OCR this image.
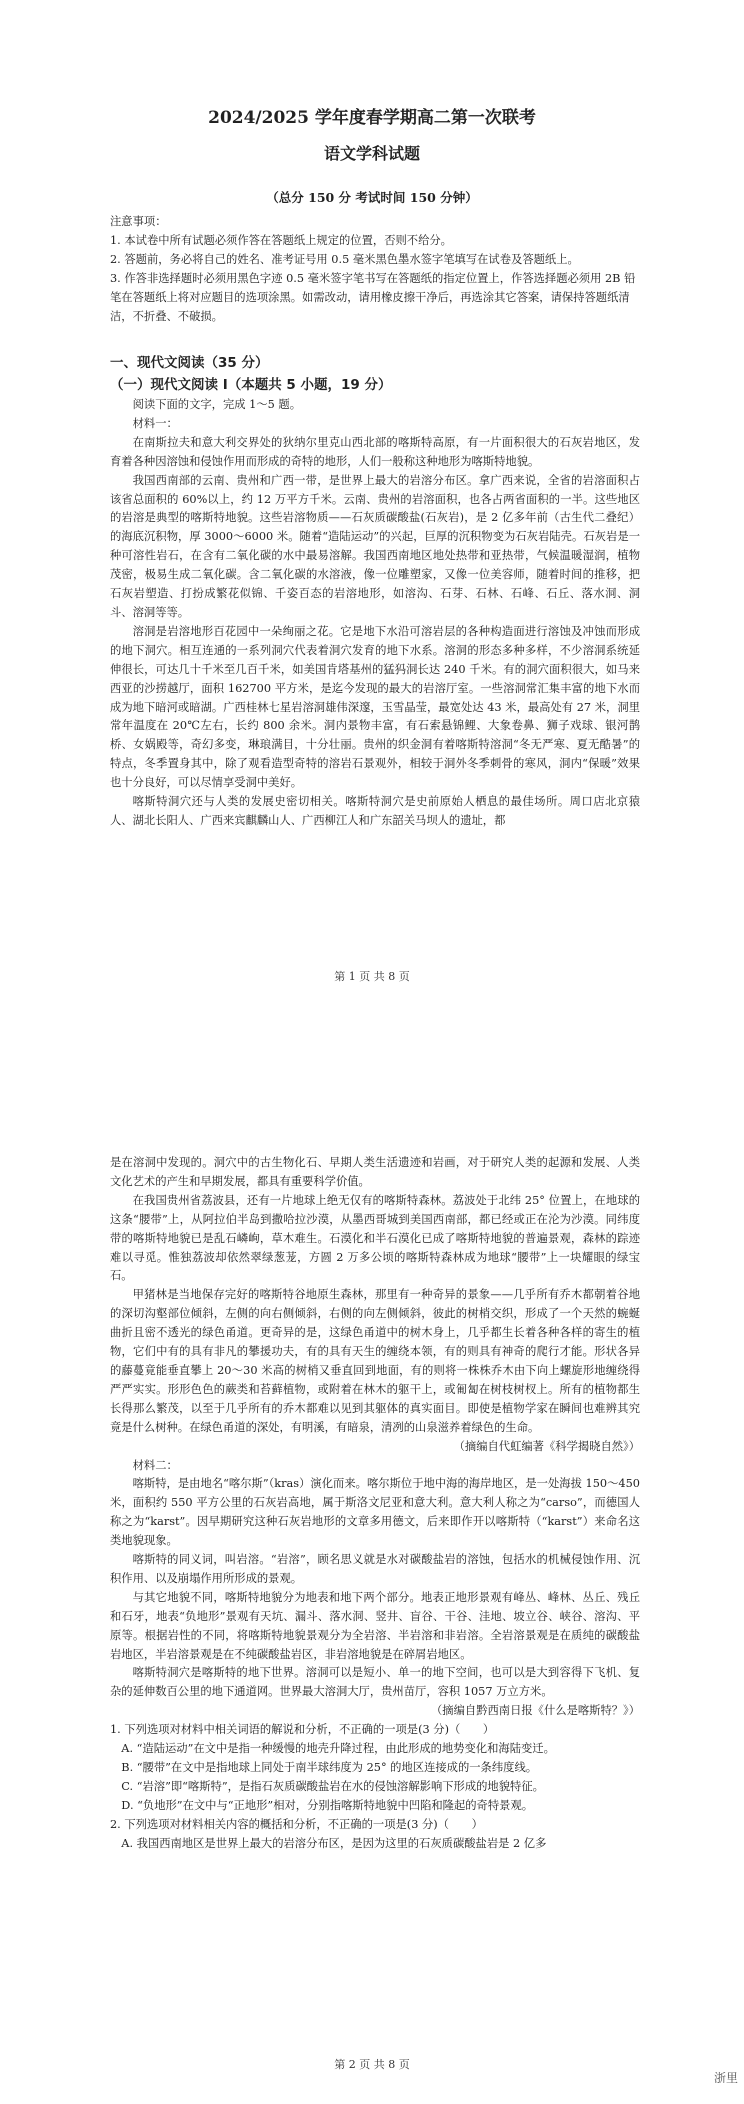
2024/2025 学年度春学期高二第一次联考
语文学科试题
（总分 150 分 考试时间 150 分钟）

注意事项：

1. 本试卷中所有试题必须作答在答题纸上规定的位置，否则不给分。

2. 答题前，务必将自己的姓名、准考证号用 0.5 毫米黑色墨水签字笔填写在试卷及答题纸上。

3. 作答非选择题时必须用黑色字迹 0.5 毫米签字笔书写在答题纸的指定位置上，作答选择题必须用 2B 铅笔在答题纸上将对应题目的选项涂黑。如需改动，请用橡皮擦干净后，再选涂其它答案，请保持答题纸清洁，不折叠、不破损。

一、现代文阅读（35 分）

（一）现代文阅读 I（本题共 5 小题，19 分）

阅读下面的文字，完成 1～5 题。

材料一：

在南斯拉夫和意大利交界处的狄纳尔里克山西北部的喀斯特高原，有一片面积很大的石灰岩地区，发育着各种因溶蚀和侵蚀作用而形成的奇特的地形，人们一般称这种地形为喀斯特地貌。

我国西南部的云南、贵州和广西一带，是世界上最大的岩溶分布区。拿广西来说，全省的岩溶面积占该省总面积的 60%以上，约 12 万平方千米。云南、贵州的岩溶面积，也各占两省面积的一半。这些地区的岩溶是典型的喀斯特地貌。这些岩溶物质——石灰质碳酸盐(石灰岩)，是 2 亿多年前（古生代二叠纪）的海底沉积物，厚 3000～6000 米。随着“造陆运动”的兴起，巨厚的沉积物变为石灰岩陆壳。石灰岩是一种可溶性岩石，在含有二氧化碳的水中最易溶解。我国西南地区地处热带和亚热带，气候温暖湿润，植物茂密，极易生成二氧化碳。含二氧化碳的水溶液，像一位雕塑家，又像一位美容师，随着时间的推移，把石灰岩塑造、打扮成繁花似锦、千姿百态的岩溶地形，如溶沟、石芽、石林、石峰、石丘、落水洞、洞斗、溶洞等等。

溶洞是岩溶地形百花园中一朵绚丽之花。它是地下水沿可溶岩层的各种构造面进行溶蚀及冲蚀而形成的地下洞穴。相互连通的一系列洞穴代表着洞穴发育的地下水系。溶洞的形态多种多样，不少溶洞系统延伸很长，可达几十千米至几百千米，如美国肯塔基州的猛犸洞长达 240 千米。有的洞穴面积很大，如马来西亚的沙捞越厅，面积 162700 平方米，是迄今发现的最大的岩溶厅室。一些溶洞常汇集丰富的地下水而成为地下暗河或暗湖。广西桂林七星岩溶洞雄伟深邃，玉雪晶莹，最宽处达 43 米，最高处有 27 米，洞里常年温度在 20℃左右，长约 800 余米。洞内景物丰富，有石索悬锦鲤、大象卷鼻、狮子戏球、银河鹊桥、女娲殿等，奇幻多变，琳琅满目，十分壮丽。贵州的织金洞有着喀斯特溶洞“冬无严寒、夏无酷暑”的特点，冬季置身其中，除了观看造型奇特的溶岩石景观外，相较于洞外冬季刺骨的寒风，洞内“保暖”效果也十分良好，可以尽情享受洞中美好。

喀斯特洞穴还与人类的发展史密切相关。喀斯特洞穴是史前原始人栖息的最佳场所。周口店北京猿人、湖北长阳人、广西来宾麒麟山人、广西柳江人和广东韶关马坝人的遗址，都

第 1 页 共 8 页

是在溶洞中发现的。洞穴中的古生物化石、早期人类生活遗迹和岩画，对于研究人类的起源和发展、人类文化艺术的产生和早期发展，都具有重要科学价值。

在我国贵州省荔波县，还有一片地球上绝无仅有的喀斯特森林。荔波处于北纬 25° 位置上，在地球的这条“腰带”上，从阿拉伯半岛到撒哈拉沙漠，从墨西哥城到美国西南部，都已经或正在沦为沙漠。同纬度带的喀斯特地貌已是乱石嶙峋，草木难生。石漠化和半石漠化已成了喀斯特地貌的普遍景观，森林的踪迹难以寻觅。惟独荔波却依然翠绿葱茏，方圆 2 万多公顷的喀斯特森林成为地球“腰带”上一块耀眼的绿宝石。

甲猪林是当地保存完好的喀斯特谷地原生森林，那里有一种奇异的景象——几乎所有乔木都朝着谷地的深切沟壑部位倾斜，左侧的向右侧倾斜，右侧的向左侧倾斜，彼此的树梢交织，形成了一个天然的蜿蜒曲折且密不透光的绿色甬道。更奇异的是，这绿色甬道中的树木身上，几乎都生长着各种各样的寄生的植物，它们中有的具有非凡的攀援功夫，有的具有天生的缠绕本领，有的则具有神奇的爬行才能。形状各异的藤蔓竟能垂直攀上 20～30 米高的树梢又垂直回到地面，有的则将一株株乔木由下向上螺旋形地缠绕得严严实实。形形色色的蕨类和苔藓植物，或附着在林木的躯干上，或匍匐在树枝树杈上。所有的植物都生长得那么繁茂，以至于几乎所有的乔木都难以见到其躯体的真实面目。即使是植物学家在瞬间也难辨其究竟是什么树种。在绿色甬道的深处，有明溪，有暗泉，清冽的山泉滋养着绿色的生命。

（摘编自代虹编著《科学揭晓自然》）

材料二：

喀斯特，是由地名“喀尔斯”（kras）演化而来。喀尔斯位于地中海的海岸地区，是一处海拔 150～450 米，面积约 550 平方公里的石灰岩高地，属于斯洛文尼亚和意大利。意大利人称之为“carso”，而德国人称之为“karst”。因早期研究这种石灰岩地形的文章多用德文，后来即作开以喀斯特（“karst”）来命名这类地貌现象。

喀斯特的同义词，叫岩溶。“岩溶”，顾名思义就是水对碳酸盐岩的溶蚀，包括水的机械侵蚀作用、沉积作用、以及崩塌作用所形成的景观。

与其它地貌不同，喀斯特地貌分为地表和地下两个部分。地表正地形景观有峰丛、峰林、丛丘、残丘和石牙，地表“负地形”景观有天坑、漏斗、落水洞、竖井、盲谷、干谷、洼地、坡立谷、峡谷、溶沟、平原等。根据岩性的不同，将喀斯特地貌景观分为全岩溶、半岩溶和非岩溶。全岩溶景观是在质纯的碳酸盐岩地区，半岩溶景观是在不纯碳酸盐岩区，非岩溶地貌是在碎屑岩地区。

喀斯特洞穴是喀斯特的地下世界。溶洞可以是短小、单一的地下空间，也可以是大到容得下飞机、复杂的延伸数百公里的地下通道网。世界最大溶洞大厅，贵州苗厅，容积 1057 万立方米。

（摘编自黔西南日报《什么是喀斯特？》）

1. 下列选项对材料中相关词语的解说和分析，不正确的一项是(3 分)（　　）

A. “造陆运动”在文中是指一种缓慢的地壳升降过程，由此形成的地势变化和海陆变迁。

B. “腰带”在文中是指地球上同处于南半球纬度为 25° 的地区连接成的一条纬度线。

C. “岩溶”即“喀斯特”，是指石灰质碳酸盐岩在水的侵蚀溶解影响下形成的地貌特征。

D. “负地形”在文中与“正地形”相对，分别指喀斯特地貌中凹陷和隆起的奇特景观。

2. 下列选项对材料相关内容的概括和分析，不正确的一项是(3 分)（　　）

A. 我国西南地区是世界上最大的岩溶分布区，是因为这里的石灰质碳酸盐岩是 2 亿多

第 2 页 共 8 页
浙里
